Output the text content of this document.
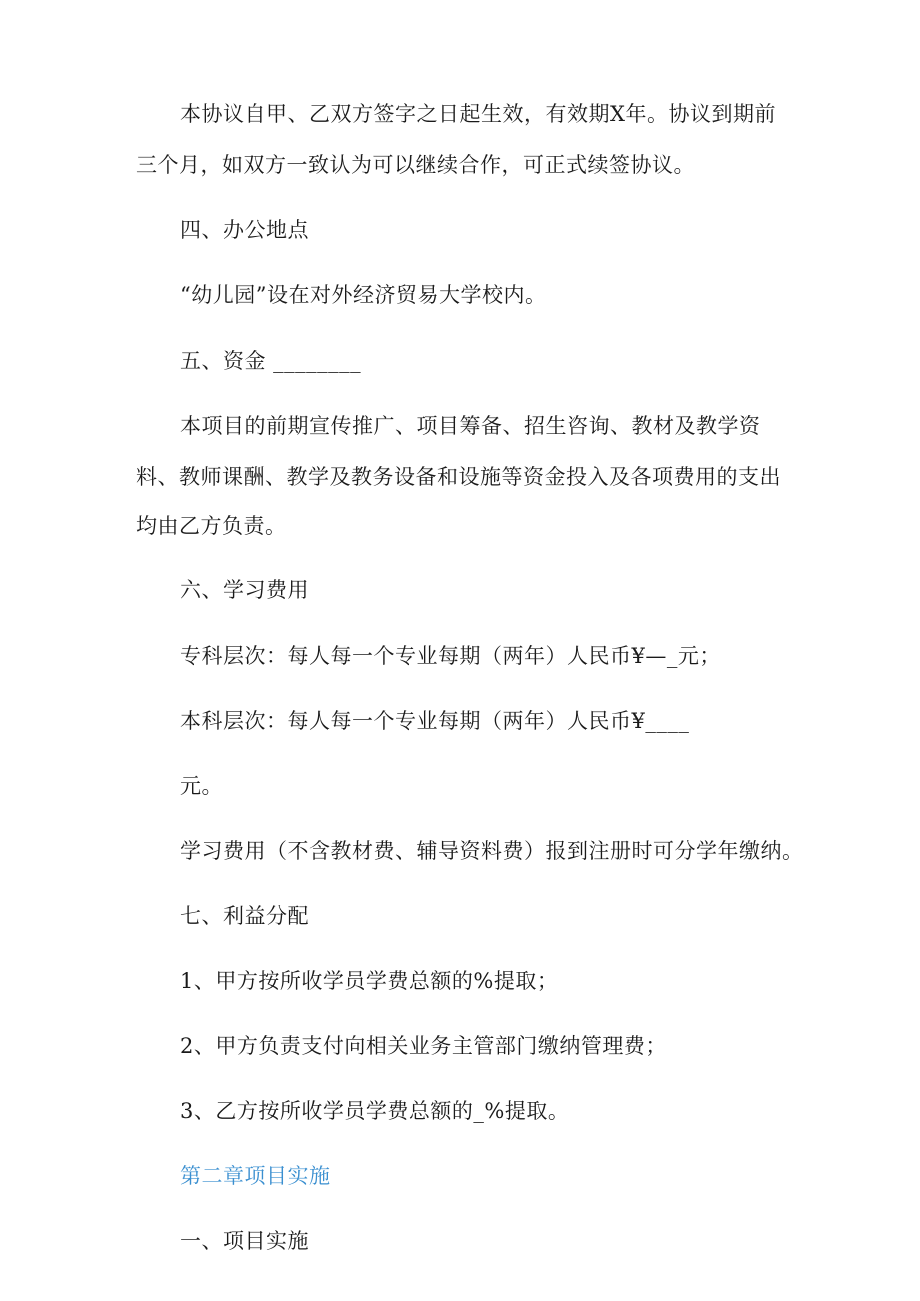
本协议自甲、乙双方签字之日起生效，有效期X年。协议到期前
三个月，如双方一致认为可以继续合作，可正式续签协议。
四、办公地点
“幼儿园”设在对外经济贸易大学校内。
五、资金 ________
本项目的前期宣传推广、项目筹备、招生咨询、教材及教学资
料、教师课酬、教学及教务设备和设施等资金投入及各项费用的支出
均由乙方负责。
六、学习费用
专科层次：每人每一个专业每期（两年）人民币¥—_元；
本科层次：每人每一个专业每期（两年）人民币¥____
元。
学习费用（不含教材费、辅导资料费）报到注册时可分学年缴纳。
七、利益分配
1、甲方按所收学员学费总额的%提取；
2、甲方负责支付向相关业务主管部门缴纳管理费；
3、乙方按所收学员学费总额的_%提取。
第二章项目实施
一、项目实施
